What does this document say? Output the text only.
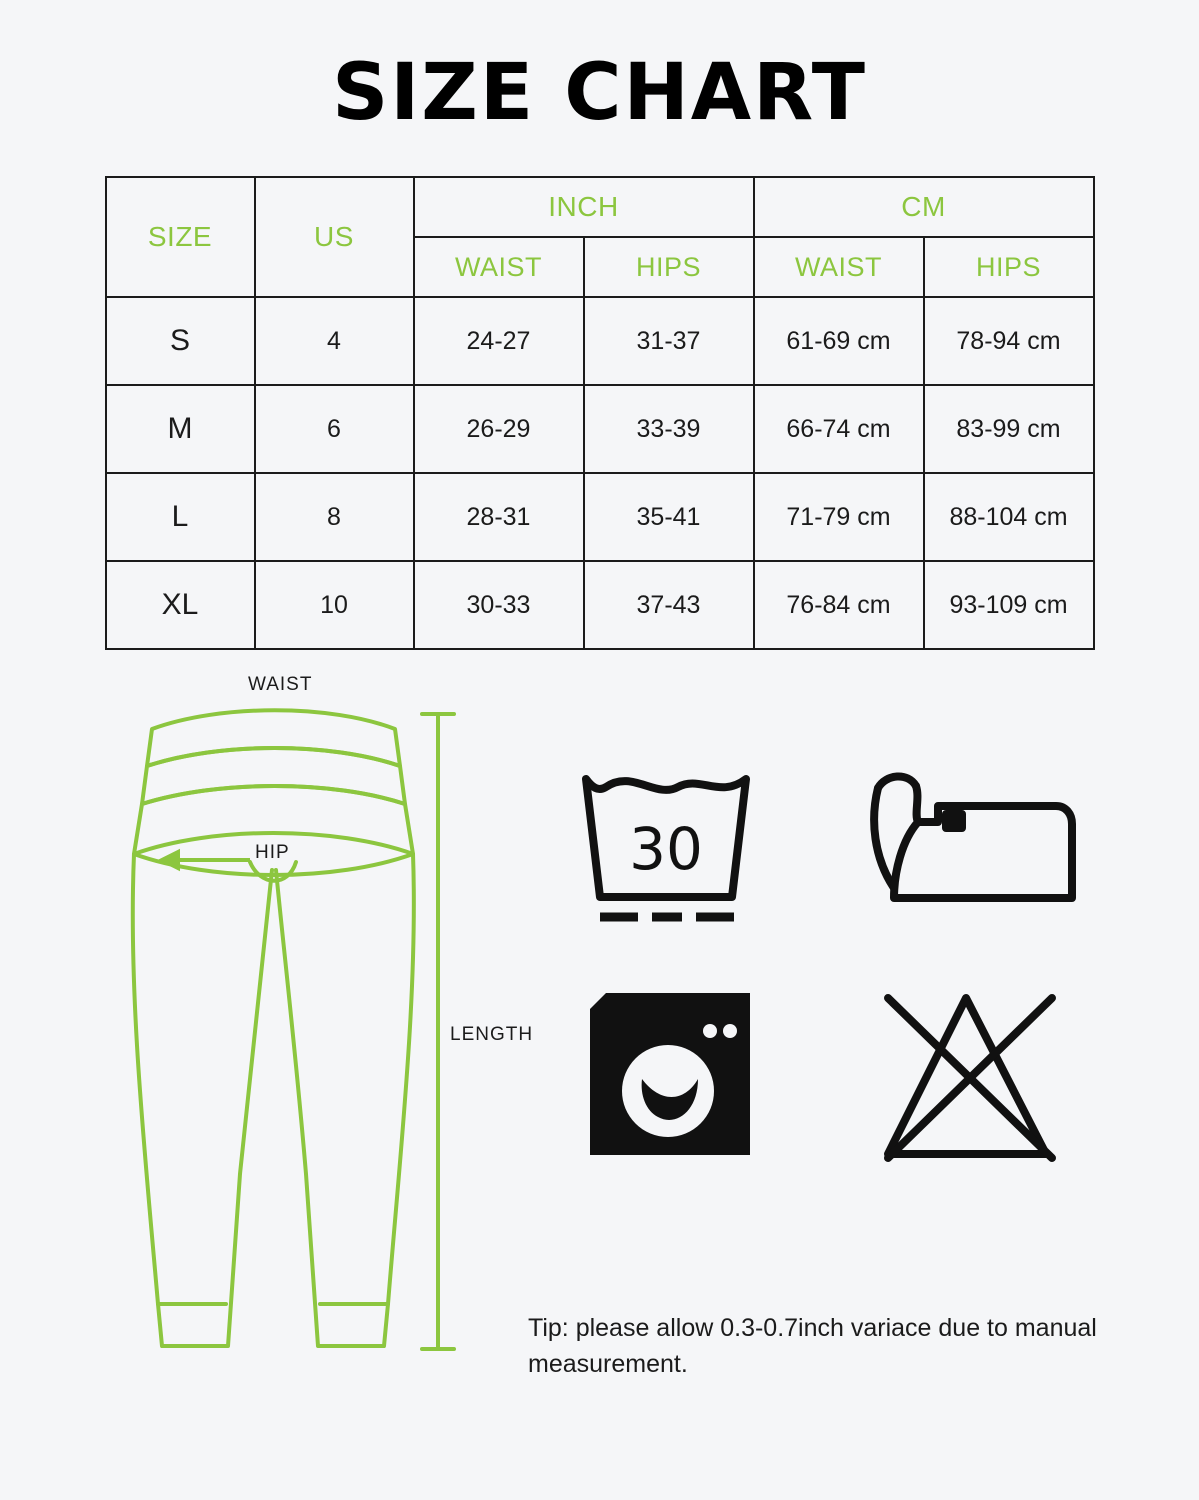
SIZE CHART
SIZE	US	INCH		CM	
		WAIST	HIPS	WAIST	HIPS
S	4	24-27	31-37	61-69 cm	78-94 cm
M	6	26-29	33-39	66-74 cm	83-99 cm
L	8	28-31	35-41	71-79 cm	88-104 cm
XL	10	30-33	37-43	76-84 cm	93-109 cm
WAIST
HIP
LENGTH
30
Tip: please allow 0.3-0.7inch variace due to manual measurement.
